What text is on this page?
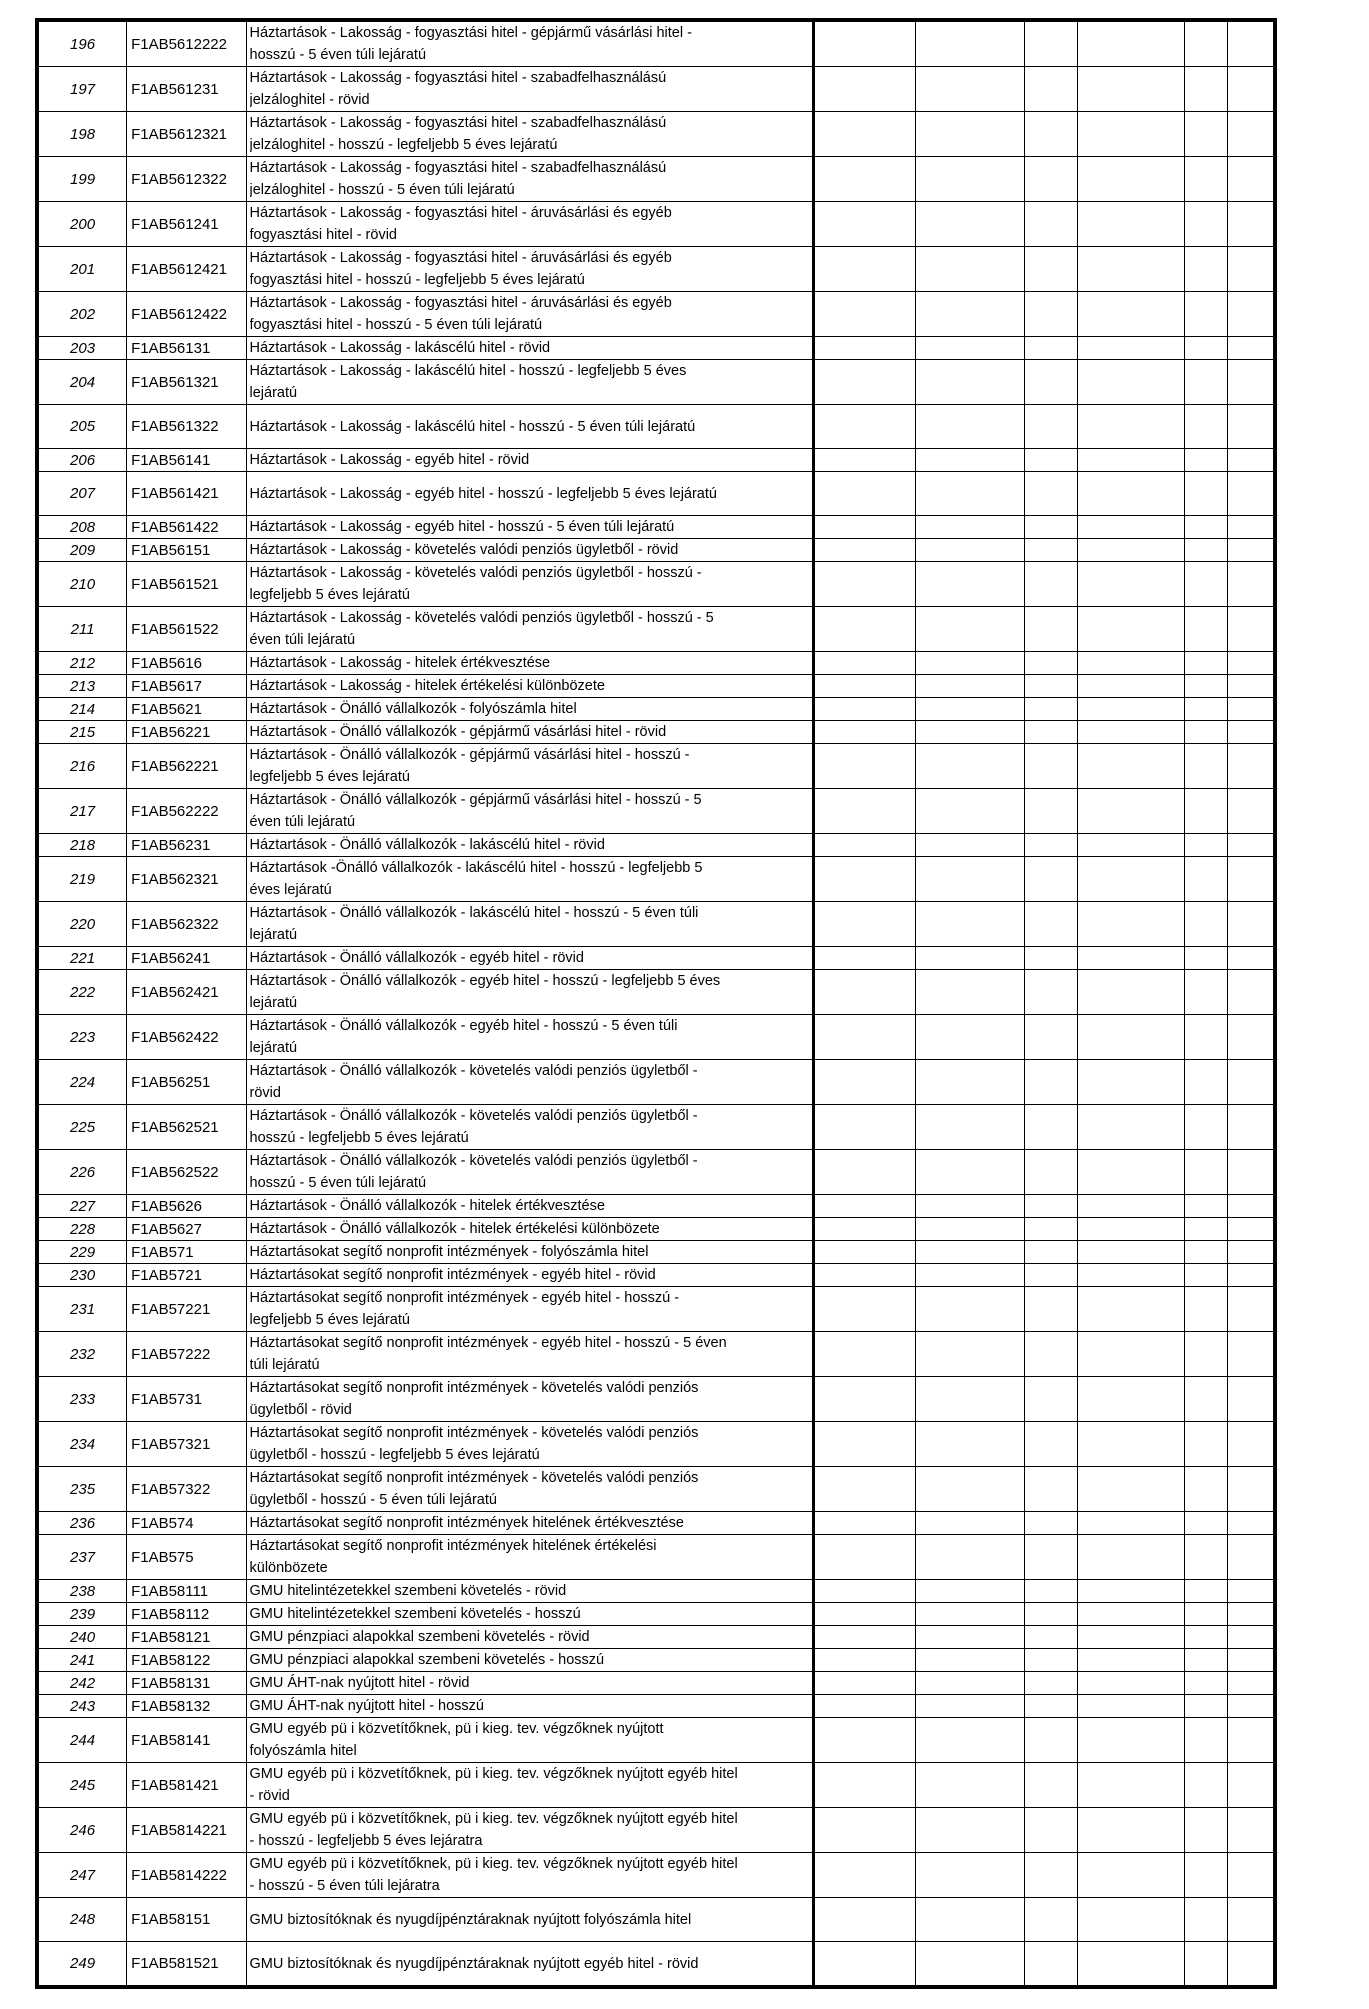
196	F1AB5612222	Háztartások - Lakosság - fogyasztási hitel - gépjármű vásárlási hitel -
hosszú - 5 éven túli lejáratú						

197	F1AB561231	Háztartások - Lakosság - fogyasztási hitel - szabadfelhasználású
jelzáloghitel - rövid						

198	F1AB5612321	Háztartások - Lakosság - fogyasztási hitel - szabadfelhasználású
jelzáloghitel - hosszú - legfeljebb 5 éves lejáratú						

199	F1AB5612322	Háztartások - Lakosság - fogyasztási hitel - szabadfelhasználású
jelzáloghitel - hosszú - 5 éven túli lejáratú						

200	F1AB561241	Háztartások - Lakosság - fogyasztási hitel - áruvásárlási és egyéb
fogyasztási hitel - rövid						

201	F1AB5612421	Háztartások - Lakosság - fogyasztási hitel - áruvásárlási és egyéb
fogyasztási hitel - hosszú - legfeljebb 5 éves lejáratú						

202	F1AB5612422	Háztartások - Lakosság - fogyasztási hitel - áruvásárlási és egyéb
fogyasztási hitel - hosszú - 5 éven túli lejáratú						

203	F1AB56131	Háztartások - Lakosság - lakáscélú hitel - rövid						

204	F1AB561321	Háztartások - Lakosság - lakáscélú hitel - hosszú - legfeljebb 5 éves
lejáratú						

205	F1AB561322	Háztartások - Lakosság - lakáscélú hitel - hosszú - 5 éven túli lejáratú						

206	F1AB56141	Háztartások - Lakosság - egyéb hitel - rövid						

207	F1AB561421	Háztartások - Lakosság - egyéb hitel - hosszú - legfeljebb 5 éves lejáratú						

208	F1AB561422	Háztartások - Lakosság - egyéb hitel - hosszú - 5 éven túli lejáratú						

209	F1AB56151	Háztartások - Lakosság - követelés valódi penziós ügyletből - rövid						

210	F1AB561521	Háztartások - Lakosság - követelés valódi penziós ügyletből - hosszú -
legfeljebb 5 éves lejáratú						

211	F1AB561522	Háztartások - Lakosság - követelés valódi penziós ügyletből - hosszú - 5
éven túli lejáratú						

212	F1AB5616	Háztartások - Lakosság - hitelek értékvesztése						

213	F1AB5617	Háztartások - Lakosság - hitelek értékelési különbözete						

214	F1AB5621	Háztartások - Önálló vállalkozók - folyószámla hitel						

215	F1AB56221	Háztartások - Önálló vállalkozók - gépjármű vásárlási hitel - rövid						

216	F1AB562221	Háztartások - Önálló vállalkozók - gépjármű vásárlási hitel - hosszú -
legfeljebb 5 éves lejáratú						

217	F1AB562222	Háztartások - Önálló vállalkozók - gépjármű vásárlási hitel - hosszú - 5
éven túli lejáratú						

218	F1AB56231	Háztartások - Önálló vállalkozók - lakáscélú hitel - rövid						

219	F1AB562321	Háztartások -Önálló vállalkozók - lakáscélú hitel - hosszú - legfeljebb 5
éves lejáratú						

220	F1AB562322	Háztartások - Önálló vállalkozók - lakáscélú hitel - hosszú - 5 éven túli
lejáratú						

221	F1AB56241	Háztartások - Önálló vállalkozók - egyéb hitel - rövid						

222	F1AB562421	Háztartások - Önálló vállalkozók - egyéb hitel - hosszú - legfeljebb 5 éves
lejáratú						

223	F1AB562422	Háztartások - Önálló vállalkozók - egyéb hitel - hosszú - 5 éven túli
lejáratú						

224	F1AB56251	Háztartások - Önálló vállalkozók - követelés valódi penziós ügyletből -
rövid						

225	F1AB562521	Háztartások - Önálló vállalkozók - követelés valódi penziós ügyletből -
hosszú - legfeljebb 5 éves lejáratú						

226	F1AB562522	Háztartások - Önálló vállalkozók - követelés valódi penziós ügyletből -
hosszú - 5 éven túli lejáratú						

227	F1AB5626	Háztartások - Önálló vállalkozók - hitelek értékvesztése						

228	F1AB5627	Háztartások - Önálló vállalkozók - hitelek értékelési különbözete						

229	F1AB571	Háztartásokat segítő nonprofit intézmények - folyószámla hitel						

230	F1AB5721	Háztartásokat segítő nonprofit intézmények - egyéb hitel - rövid						

231	F1AB57221	Háztartásokat segítő nonprofit intézmények - egyéb hitel - hosszú -
legfeljebb 5 éves lejáratú						

232	F1AB57222	Háztartásokat segítő nonprofit intézmények - egyéb hitel - hosszú - 5 éven
túli lejáratú						

233	F1AB5731	Háztartásokat segítő nonprofit intézmények - követelés valódi penziós
ügyletből - rövid						

234	F1AB57321	Háztartásokat segítő nonprofit intézmények - követelés valódi penziós
ügyletből - hosszú - legfeljebb 5 éves lejáratú						

235	F1AB57322	Háztartásokat segítő nonprofit intézmények - követelés valódi penziós
ügyletből - hosszú - 5 éven túli lejáratú						

236	F1AB574	Háztartásokat segítő nonprofit intézmények hitelének értékvesztése						

237	F1AB575	Háztartásokat segítő nonprofit intézmények hitelének értékelési
különbözete						

238	F1AB58111	GMU hitelintézetekkel szembeni követelés - rövid						

239	F1AB58112	GMU hitelintézetekkel szembeni követelés - hosszú						

240	F1AB58121	GMU pénzpiaci alapokkal szembeni követelés - rövid						

241	F1AB58122	GMU pénzpiaci alapokkal szembeni követelés - hosszú						

242	F1AB58131	GMU ÁHT-nak nyújtott hitel - rövid						

243	F1AB58132	GMU ÁHT-nak nyújtott hitel - hosszú						

244	F1AB58141	GMU egyéb pü i közvetítőknek, pü i kieg. tev. végzőknek nyújtott
folyószámla hitel						

245	F1AB581421	GMU egyéb pü i közvetítőknek, pü i kieg. tev. végzőknek nyújtott egyéb hitel
- rövid						

246	F1AB5814221	GMU egyéb pü i közvetítőknek, pü i kieg. tev. végzőknek nyújtott egyéb hitel
- hosszú - legfeljebb 5 éves lejáratra						

247	F1AB5814222	GMU egyéb pü i közvetítőknek, pü i kieg. tev. végzőknek nyújtott egyéb hitel
- hosszú - 5 éven túli lejáratra						

248	F1AB58151	GMU biztosítóknak és nyugdíjpénztáraknak nyújtott folyószámla hitel						

249	F1AB581521	GMU biztosítóknak és nyugdíjpénztáraknak nyújtott egyéb hitel - rövid						
